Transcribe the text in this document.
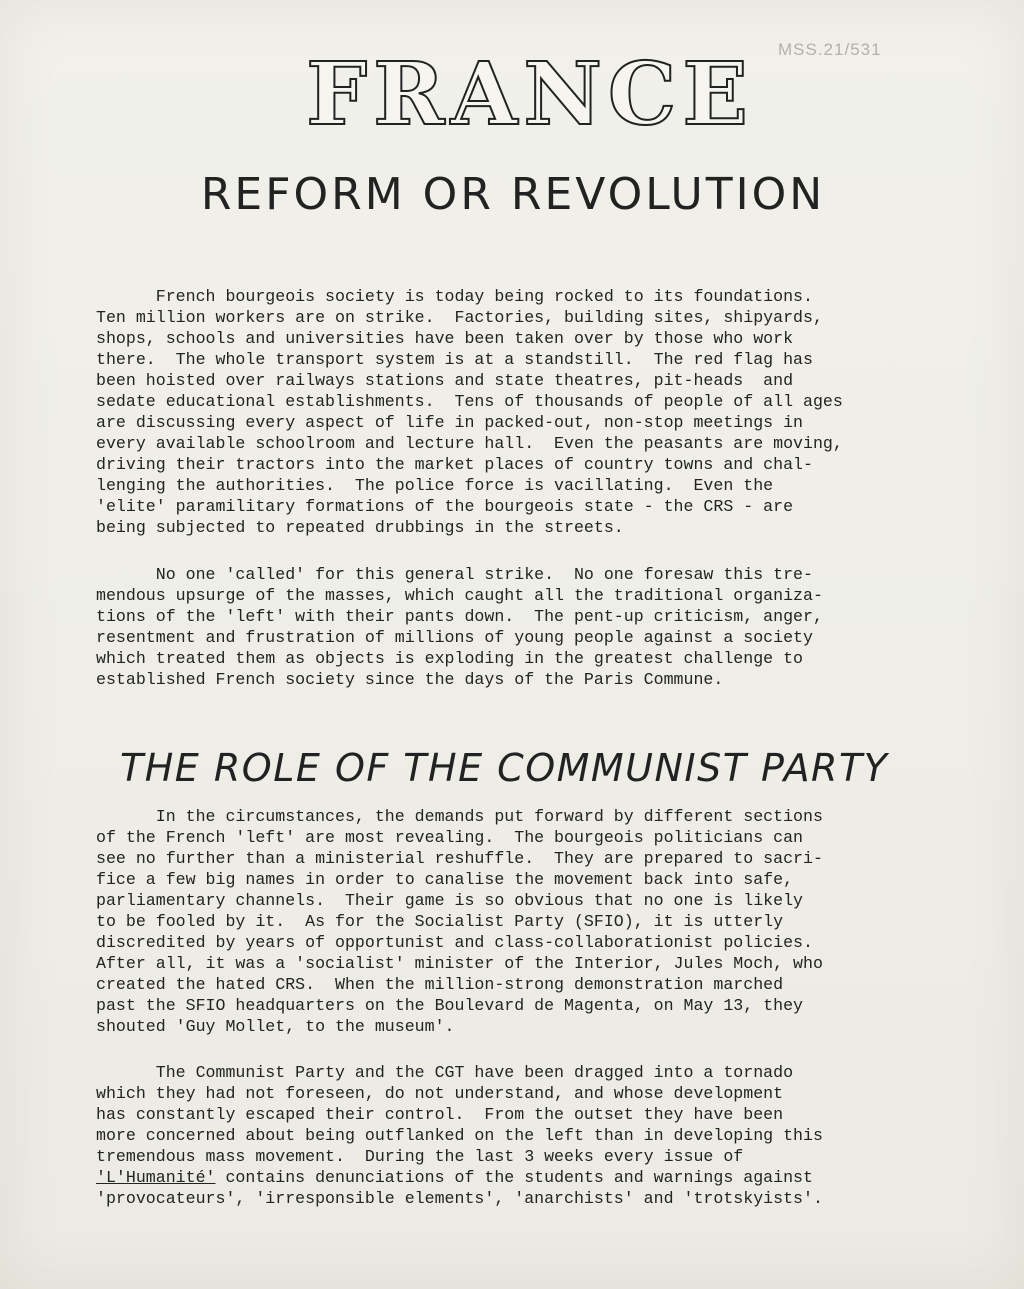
MSS.21/531
FRANCE
REFORM OR REVOLUTION
French bourgeois society is today being rocked to its foundations.
Ten million workers are on strike.  Factories, building sites, shipyards,
shops, schools and universities have been taken over by those who work
there.  The whole transport system is at a standstill.  The red flag has
been hoisted over railways stations and state theatres, pit-heads  and
sedate educational establishments.  Tens of thousands of people of all ages
are discussing every aspect of life in packed-out, non-stop meetings in
every available schoolroom and lecture hall.  Even the peasants are moving,
driving their tractors into the market places of country towns and chal-
lenging the authorities.  The police force is vacillating.  Even the
'elite' paramilitary formations of the bourgeois state - the CRS - are
being subjected to repeated drubbings in the streets.
No one 'called' for this general strike.  No one foresaw this tre-
mendous upsurge of the masses, which caught all the traditional organiza-
tions of the 'left' with their pants down.  The pent-up criticism, anger,
resentment and frustration of millions of young people against a society
which treated them as objects is exploding in the greatest challenge to
established French society since the days of the Paris Commune.
THE ROLE OF THE COMMUNIST PARTY
In the circumstances, the demands put forward by different sections
of the French 'left' are most revealing.  The bourgeois politicians can
see no further than a ministerial reshuffle.  They are prepared to sacri-
fice a few big names in order to canalise the movement back into safe,
parliamentary channels.  Their game is so obvious that no one is likely
to be fooled by it.  As for the Socialist Party (SFIO), it is utterly
discredited by years of opportunist and class-collaborationist policies.
After all, it was a 'socialist' minister of the Interior, Jules Moch, who
created the hated CRS.  When the million-strong demonstration marched
past the SFIO headquarters on the Boulevard de Magenta, on May 13, they
shouted 'Guy Mollet, to the museum'.
The Communist Party and the CGT have been dragged into a tornado
which they had not foreseen, do not understand, and whose development
has constantly escaped their control.  From the outset they have been
more concerned about being outflanked on the left than in developing this
tremendous mass movement.  During the last 3 weeks every issue of
'L'Humanité' contains denunciations of the students and warnings against
'provocateurs', 'irresponsible elements', 'anarchists' and 'trotskyists'.
